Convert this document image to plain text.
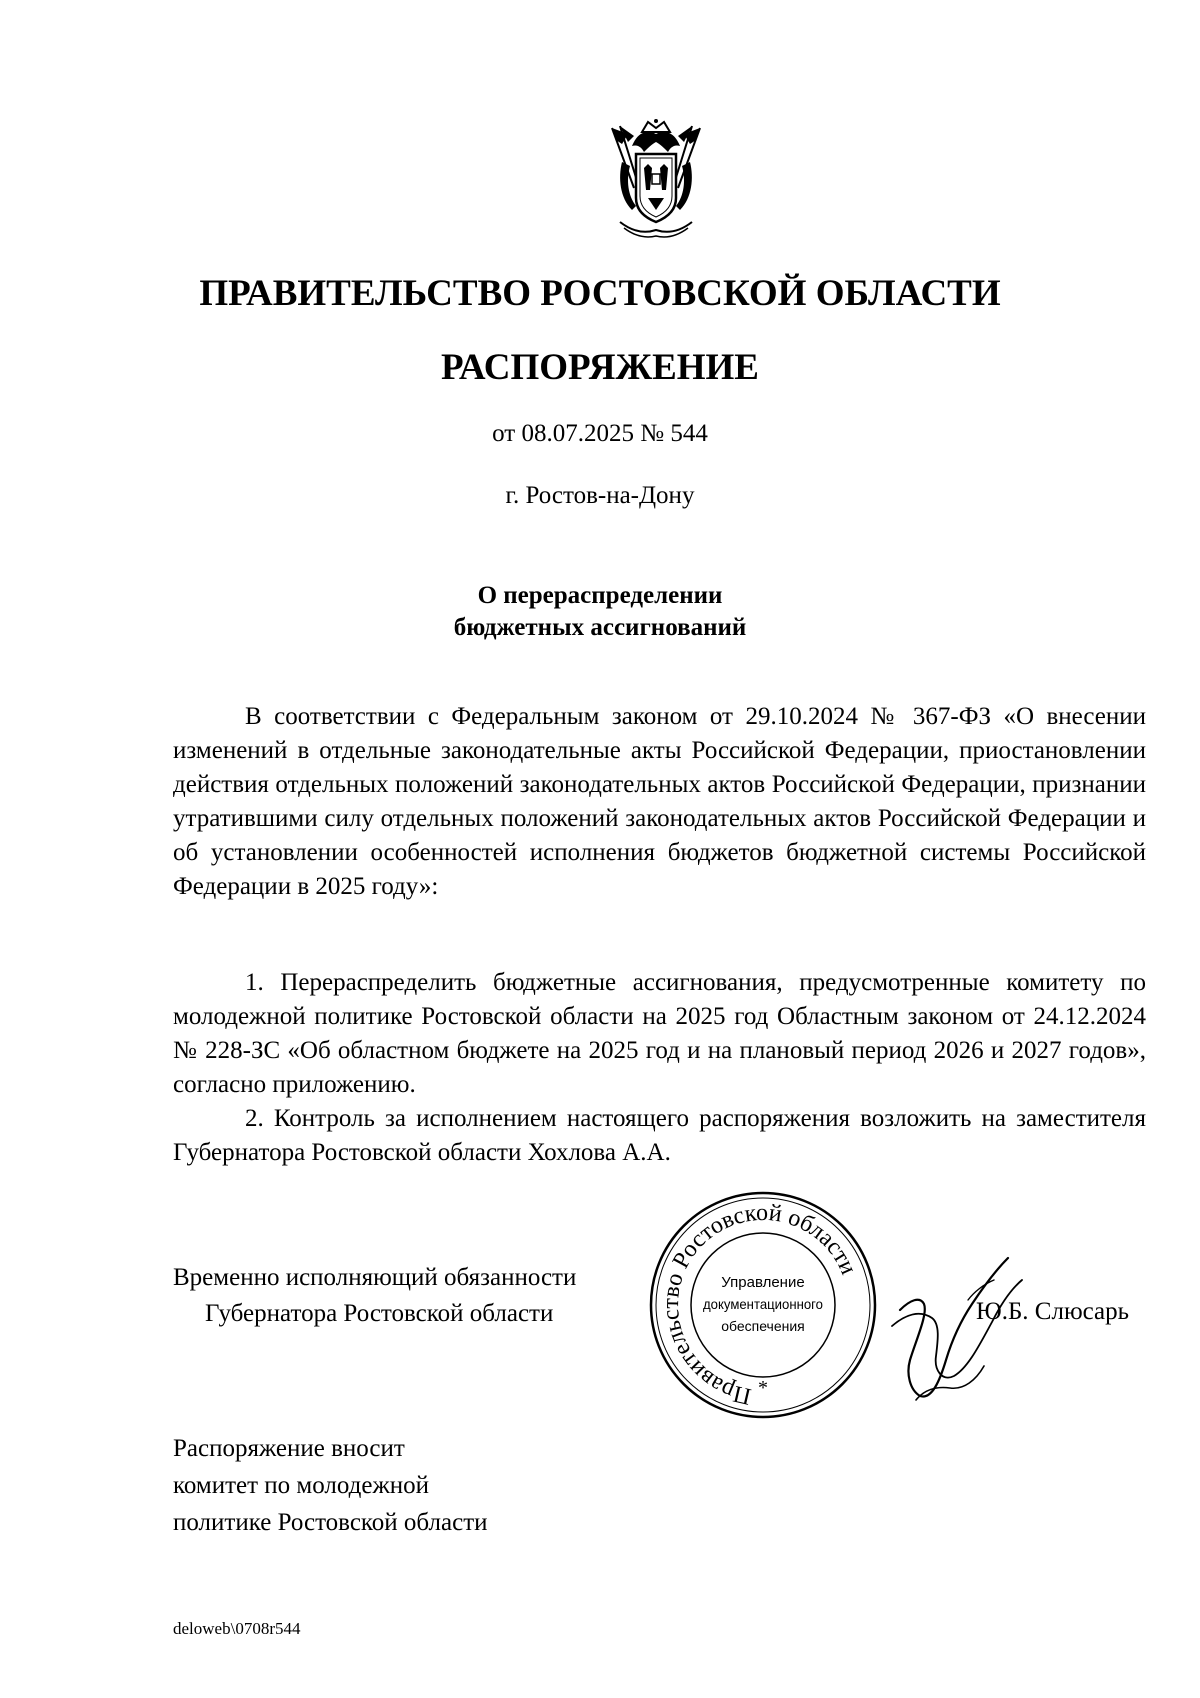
ПРАВИТЕЛЬСТВО РОСТОВСКОЙ ОБЛАСТИ
РАСПОРЯЖЕНИЕ
от 08.07.2025 № 544
г. Ростов-на-Дону
О перераспределении
бюджетных ассигнований

В соответствии с Федеральным законом от 29.10.2024 № 367-ФЗ «О внесении изменений в отдельные законодательные акты Российской Федерации, приостановлении действия отдельных положений законодательных актов Российской Федерации, признании утратившими силу отдельных положений законодательных актов Российской Федерации и об установлении особенностей исполнения бюджетов бюджетной системы Российской Федерации в 2025 году»:

1. Перераспределить бюджетные ассигнования, предусмотренные комитету по молодежной политике Ростовской области на 2025 год Областным законом от 24.12.2024 № 228-ЗС «Об областном бюджете на 2025 год и на плановый период 2026 и 2027 годов», согласно приложению.

2. Контроль за исполнением настоящего распоряжения возложить на заместителя Губернатора Ростовской области Хохлова А.А.

Временно исполняющий обязанности
Губернатора Ростовской области
Правительство Ростовской области
Управление
документационного
обеспечения
*
Ю.Б. Слюсарь
Распоряжение вносит
комитет по молодежной
политике Ростовской области
deloweb\0708r544
